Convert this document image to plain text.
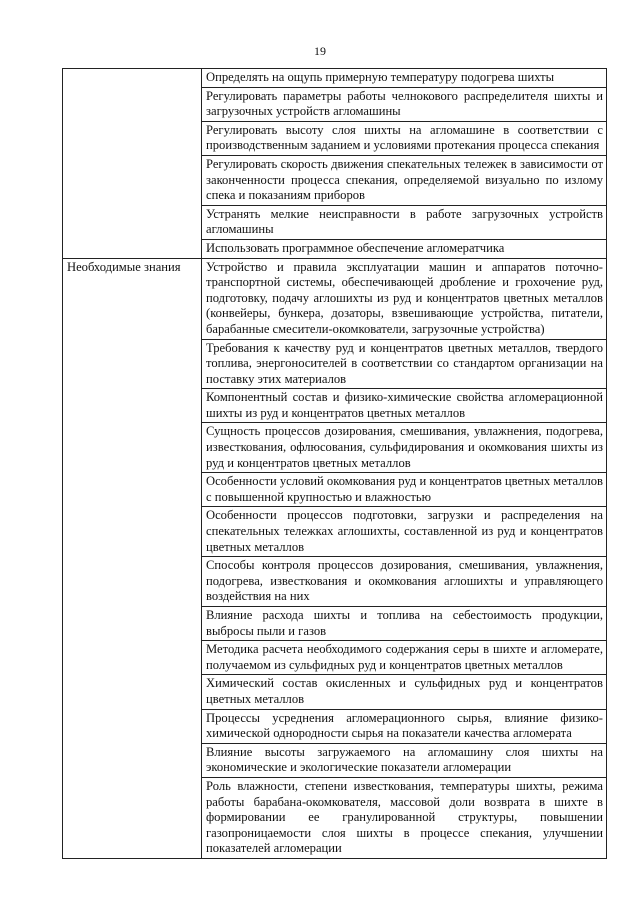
19
	Определять на ощупь примерную температуру подогрева шихты
	Регулировать параметры работы челнокового распределителя шихты и загрузочных устройств агломашины
	Регулировать высоту слоя шихты на агломашине в соответствии с производственным заданием и условиями протекания процесса спекания
	Регулировать скорость движения спекательных тележек в зависимости от законченности процесса спекания, определяемой визуально по излому спека и показаниям приборов
	Устранять мелкие неисправности в работе загрузочных устройств агломашины
	Использовать программное обеспечение агломератчика
Необходимые знания	Устройство и правила эксплуатации машин и аппаратов поточно-транспортной системы, обеспечивающей дробление и грохочение руд, подготовку, подачу аглошихты из руд и концентратов цветных металлов (конвейеры, бункера, дозаторы, взвешивающие устройства, питатели, барабанные смесители-окомкователи, загрузочные устройства)
	Требования к качеству руд и концентратов цветных металлов, твердого топлива, энергоносителей в соответствии со стандартом организации на поставку этих материалов
	Компонентный состав и физико-химические свойства агломерационной шихты из руд и концентратов цветных металлов
	Сущность процессов дозирования, смешивания, увлажнения, подогрева, известкования, офлюсования, сульфидирования и окомкования шихты из руд и концентратов цветных металлов
	Особенности условий окомкования руд и концентратов цветных металлов с повышенной крупностью и влажностью
	Особенности процессов подготовки, загрузки и распределения на спекательных тележках аглошихты, составленной из руд и концентратов цветных металлов
	Способы контроля процессов дозирования, смешивания, увлажнения, подогрева, известкования и окомкования аглошихты и управляющего воздействия на них
	Влияние расхода шихты и топлива на себестоимость продукции, выбросы пыли и газов
	Методика расчета необходимого содержания серы в шихте и агломерате, получаемом из сульфидных руд и концентратов цветных металлов
	Химический состав окисленных и сульфидных руд и концентратов цветных металлов
	Процессы усреднения агломерационного сырья, влияние физико-химической однородности сырья на показатели качества агломерата
	Влияние высоты загружаемого на агломашину слоя шихты на экономические и экологические показатели агломерации
	Роль влажности, степени известкования, температуры шихты, режима работы барабана-окомкователя, массовой доли возврата в шихте в формировании ее гранулированной структуры, повышении газопроницаемости слоя шихты в процессе спекания, улучшении показателей агломерации
